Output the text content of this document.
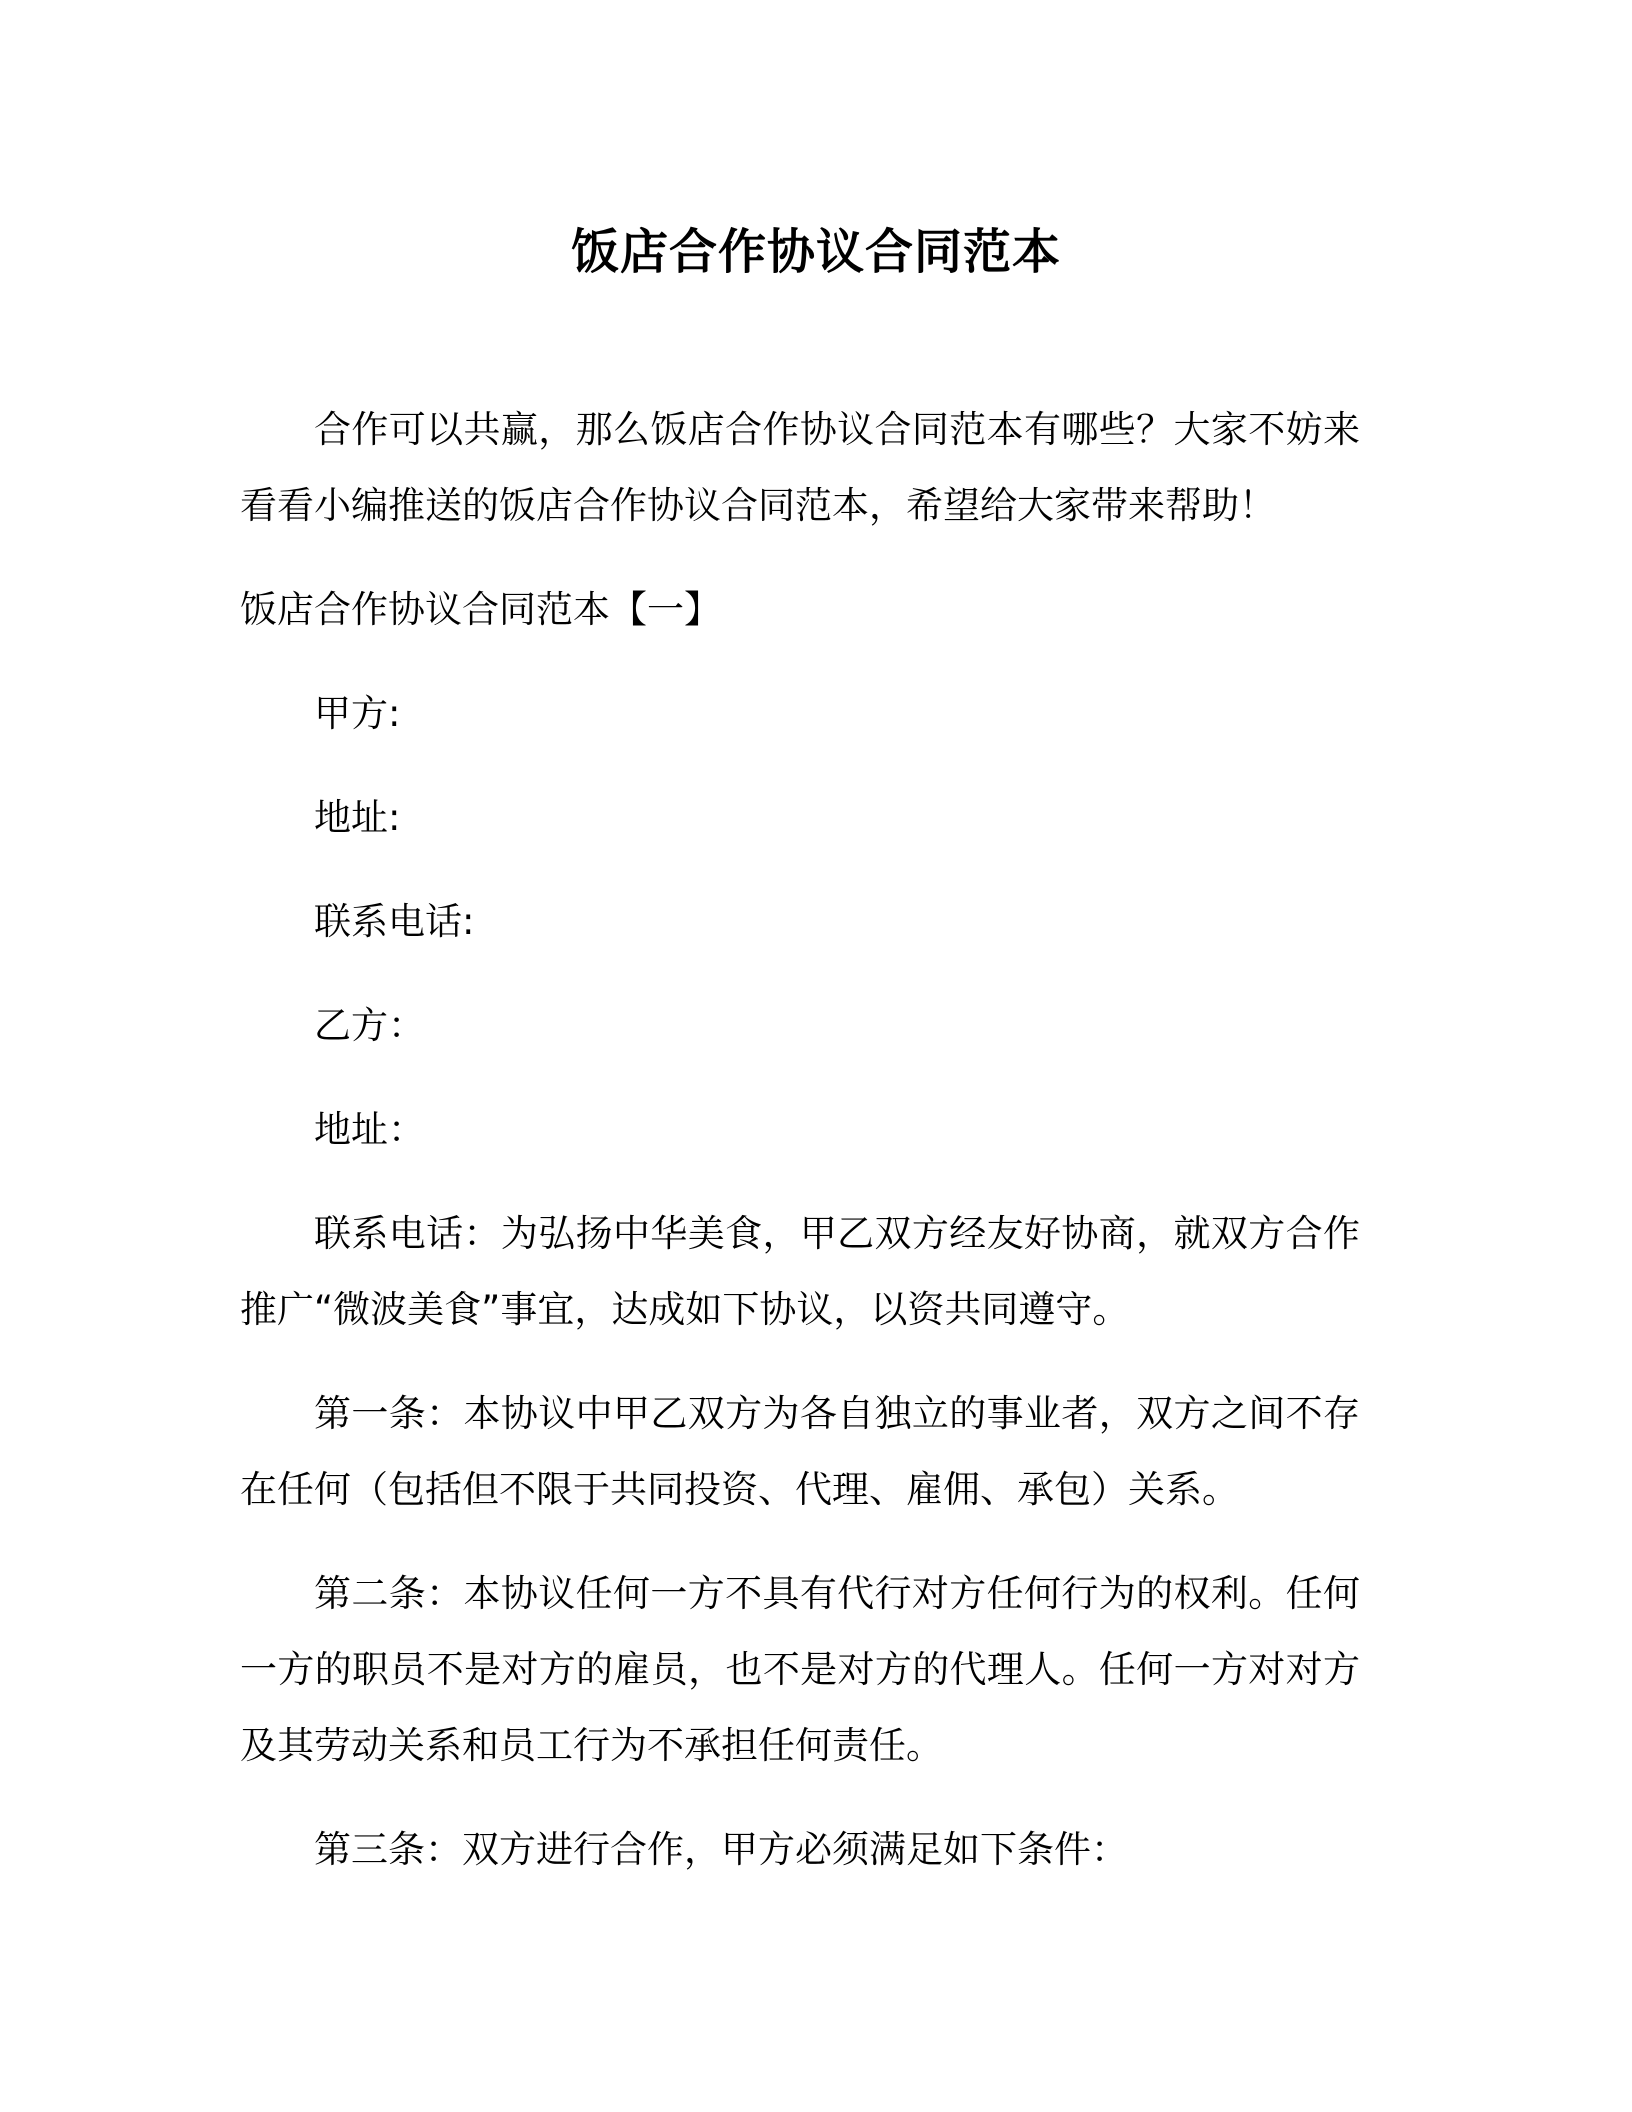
饭店合作协议合同范本

合作可以共赢，那么饭店合作协议合同范本有哪些？大家不妨来看看小编推送的饭店合作协议合同范本，希望给大家带来帮助！

饭店合作协议合同范本【一】

甲方:

地址:

联系电话:

乙方：

地址：

联系电话：为弘扬中华美食，甲乙双方经友好协商，就双方合作推广“微波美食”事宜，达成如下协议，以资共同遵守。

第一条：本协议中甲乙双方为各自独立的事业者，双方之间不存在任何（包括但不限于共同投资、代理、雇佣、承包）关系。

第二条：本协议任何一方不具有代行对方任何行为的权利。任何一方的职员不是对方的雇员，也不是对方的代理人。任何一方对对方及其劳动关系和员工行为不承担任何责任。

第三条：双方进行合作，甲方必须满足如下条件：
